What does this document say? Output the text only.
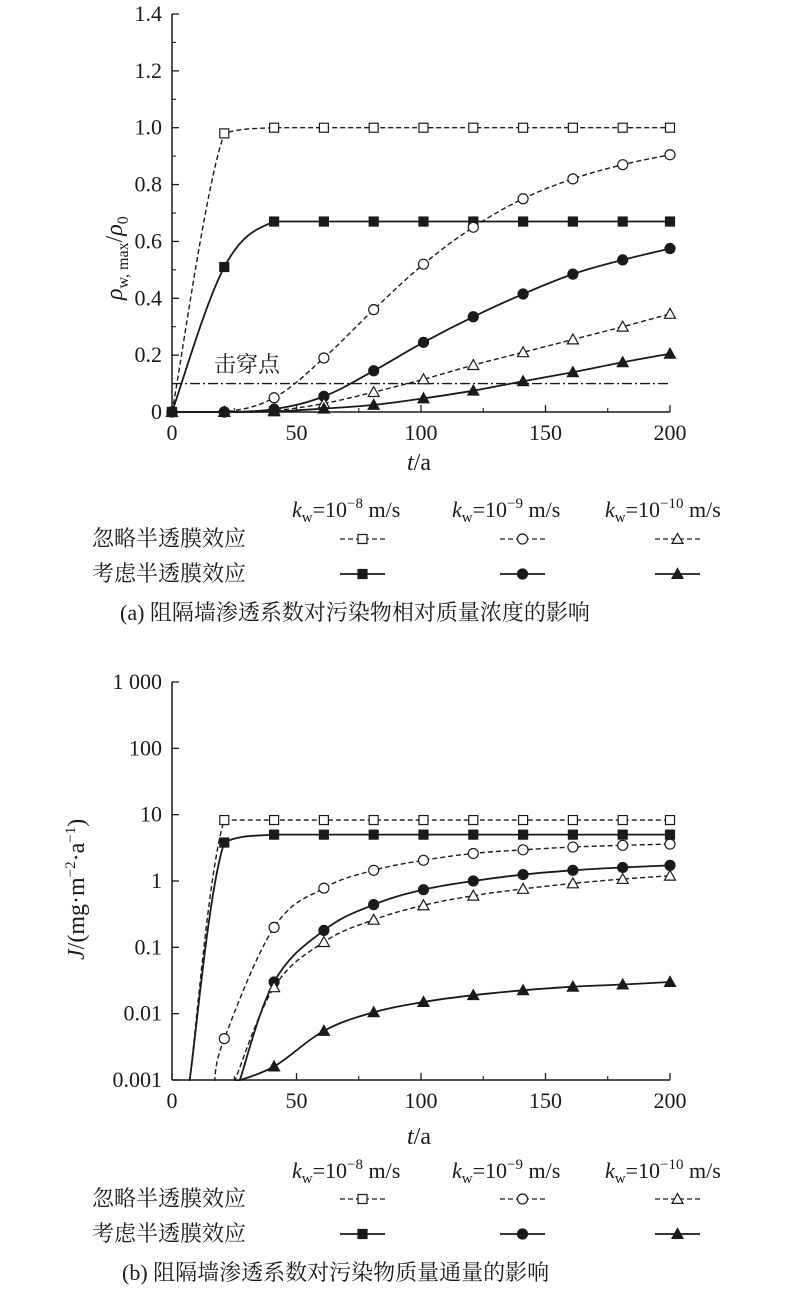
0	50	100	150	200
0
0.2
0.4
0.6
0.8
1.0
1.2
1.4
击穿点
$\rho_{w, max}/\rho_0$
t/a
$k_w=10^{-8}$ m/s $k_w=10^{-9}$ m/s $k_w=10^{-10}$ m/s
忽略半透膜效应
考虑半透膜效应
(a) 阻隔墙渗透系数对污染物相对质量浓度的影响
0	50	100	150	200
0.001
0.01
0.1
1
10
100
1 000
$J/(mg\cdot m^{-2}\cdot a^{-1})$
t/a
$k_w=10^{-8}$ m/s $k_w=10^{-9}$ m/s $k_w=10^{-10}$ m/s
忽略半透膜效应
考虑半透膜效应
(b) 阻隔墙渗透系数对污染物质量通量的影响
